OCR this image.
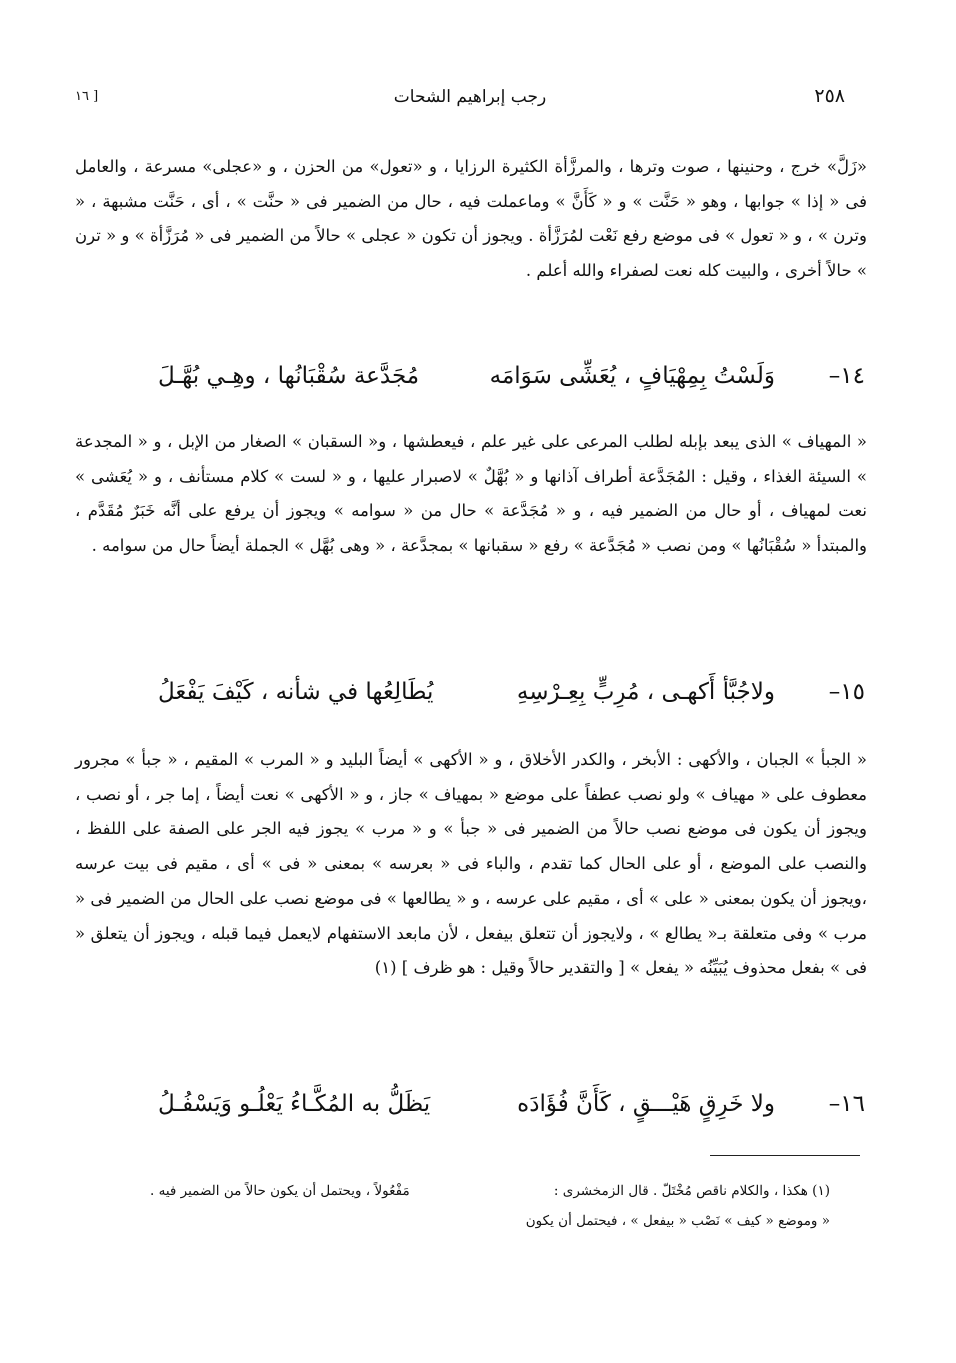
٢٥٨
رجب إبراهيم الشحات
[ ١٦
«زَلَّ» خرج ، وحنينها ، صوت وترها ، والمرزَّأة الكثيرة الرزايا ، و «تعول» من الحزن ، و «عجلى» مسرعة ، والعامل فى « إذا » جوابها ، وهو « حَنَّت » و « كَأَنَّ » وماعملت فيه ، حال من الضمير فى « حنَّت » ، أى ، حَنَّت مشبهة ، « وترن » ، و « تعول » فى موضع رفع نَعْت لمُرَزَّأة . ويجوز أن تكون « عجلى » حالاً من الضمير فى « مُرَزَّأة » و « ترن » حالاً أخرى ، والبيت كله نعت لصفراء والله أعلم .
١٤–
وَلَسْتُ بِمِهْيَافٍ ، يُعَشِّى سَوَامَه
مُجَدَّعة سُقْبَانُها ، وهِـي بُهَّـلَ
« المهياف » الذى يبعد بإبله لطلب المرعى على غير علم ، فيعطشها ، و« السقبان » الصغار من الإبل ، و « المجدعة » السيئة الغذاء ، وقيل : المُجَدَّعة أطراف آذانها و « بُهَّلٌ » لاصبرار عليها ، و « لست » كلام مستأنف ، و « يُعَشى » نعت لمهياف ، أو حال من الضمير فيه ، و « مُجَدَّعة » حال من « سوامه » ويجوز أن يرفع على أنَّه خَبَرٌ مُقَدَّم ، والمبتدأ « سُقْبَانُها » ومن نصب « مُجَدَّعة » رفع « سقبانها » بمجدَّعة ، « وهى بُهَّل » الجملة أيضاً حال من سوامه .
١٥–
ولاجُبَّأ أَكهـى ، مُرِبٍّ بِعِـرْسِهِ
يُطَالِعُها في شأنه ، كَيْفَ يَفْعَلُ
« الجبأ » الجبان ، والأكهى : الأبخر ، والكدر الأخلاق ، و « الأكهى » أيضاً البليد و « المرب » المقيم ، « جبأ » مجرور معطوف على « مهياف » ولو نصب عطفاً على موضع « بمهياف » جاز ، و « الأكهى » نعت أيضاً ، إما جر ، أو نصب ، ويجوز أن يكون فى موضع نصب حالاً من الضمير فى « جبأ » و « مرب » يجوز فيه الجر على الصفة على اللفظ ، والنصب على الموضع ، أو على الحال كما تقدم ، والباء فى « بعرسه » بمعنى « فى » أى ، مقيم فى بيت عرسه ،ويجوز أن يكون بمعنى « على » أى ، مقيم على عرسه ، و « يطالعها » فى موضع نصب على الحال من الضمير فى « مرب » وفى متعلقة بـ« يطالع » ، ولايجوز أن تتعلق بيفعل ، لأن مابعد الاستفهام لايعمل فيما قبله ، ويجوز أن يتعلق « فى » بفعل محذوف يُبَيِّنُه « يفعل » [ والتقدير حالاً وقيل : هو ظرف ] (١)
١٦–
ولا خَرِقٍ هَيْـــقٍ ، كَأَنَّ فُؤَادَه
يَظَلُّ به المُكَّـاءُ يَعْلُـو وَيَسْفُـلُ
(١) هكذا ، والكلام ناقص مُخْتَلّ . قال الزمخشرى :
مَفْعُولاً ، ويحتمل أن يكون حالاً من الضمير فيه .
« وموضع « كيف » نَصْب « بيفعل » ، فيحتمل أن يكون
